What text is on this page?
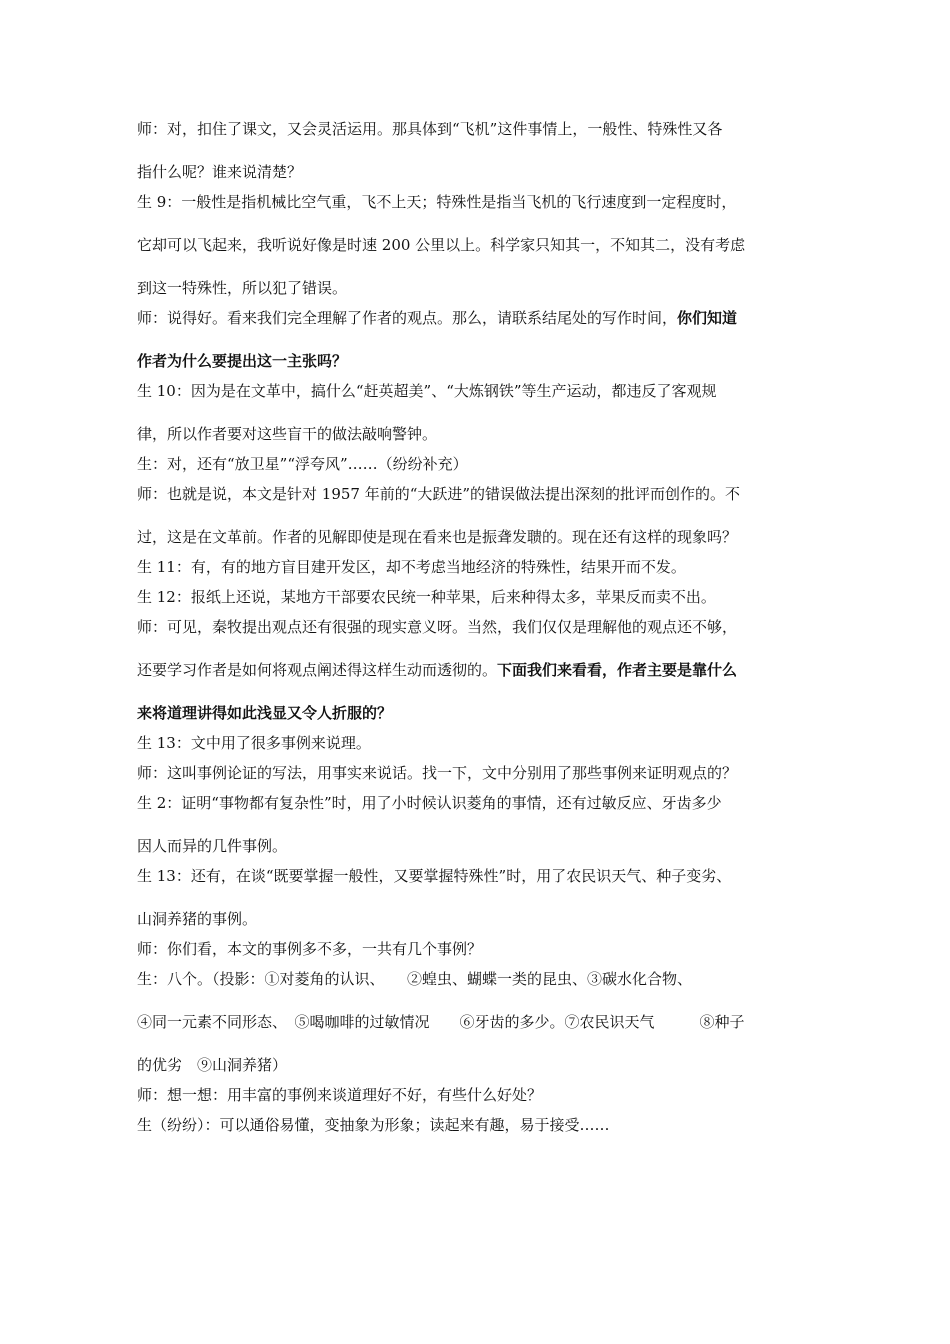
师：对，扣住了课文，又会灵活运用。那具体到“飞机”这件事情上，一般性、特殊性又各
指什么呢？谁来说清楚？

生 9：一般性是指机械比空气重，飞不上天；特殊性是指当飞机的飞行速度到一定程度时，
它却可以飞起来，我听说好像是时速 200 公里以上。科学家只知其一，不知其二，没有考虑
到这一特殊性，所以犯了错误。

师：说得好。看来我们完全理解了作者的观点。那么，请联系结尾处的写作时间，你们知道
作者为什么要提出这一主张吗？

生 10：因为是在文革中，搞什么“赶英超美”、“大炼钢铁”等生产运动，都违反了客观规
律，所以作者要对这些盲干的做法敲响警钟。

生：对，还有“放卫星”“浮夸风”……（纷纷补充）

师：也就是说，本文是针对 1957 年前的“大跃进”的错误做法提出深刻的批评而创作的。不
过，这是在文革前。作者的见解即使是现在看来也是振聋发聩的。现在还有这样的现象吗？

生 11：有，有的地方盲目建开发区，却不考虑当地经济的特殊性，结果开而不发。

生 12：报纸上还说，某地方干部要农民统一种苹果，后来种得太多，苹果反而卖不出。

师：可见，秦牧提出观点还有很强的现实意义呀。当然，我们仅仅是理解他的观点还不够，
还要学习作者是如何将观点阐述得这样生动而透彻的。下面我们来看看，作者主要是靠什么
来将道理讲得如此浅显又令人折服的？

生 13：文中用了很多事例来说理。

师：这叫事例论证的写法，用事实来说话。找一下，文中分别用了那些事例来证明观点的？

生 2：证明“事物都有复杂性”时，用了小时候认识菱角的事情，还有过敏反应、牙齿多少
因人而异的几件事例。

生 13：还有，在谈“既要掌握一般性，又要掌握特殊性”时，用了农民识天气、种子变劣、
山洞养猪的事例。

师：你们看，本文的事例多不多，一共有几个事例？

生：八个。（投影：①对菱角的认识、　　②蝗虫、蝴蝶一类的昆虫、③碳水化合物、
④同一元素不同形态、　⑤喝咖啡的过敏情况　　⑥牙齿的多少。⑦农民识天气　　　⑧种子
的优劣　⑨山洞养猪）

师：想一想：用丰富的事例来谈道理好不好，有些什么好处？

生（纷纷）：可以通俗易懂，变抽象为形象；读起来有趣，易于接受……
